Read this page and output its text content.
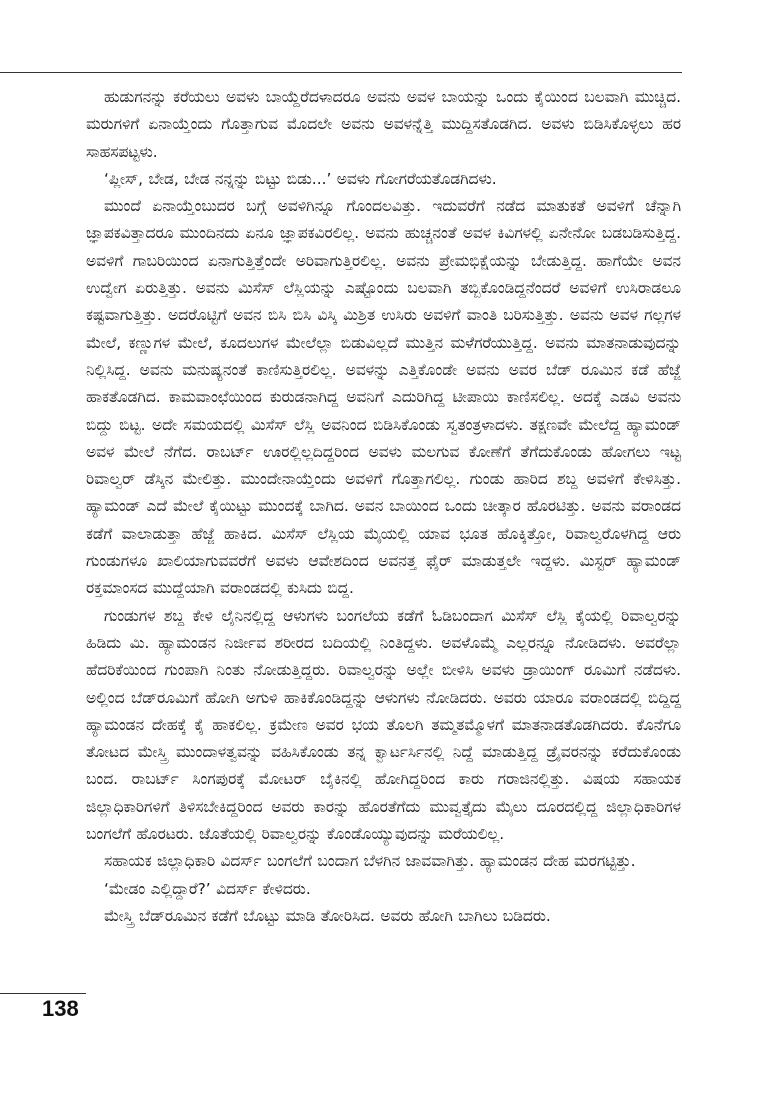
ಹುಡುಗನನ್ನು ಕರೆಯಲು ಅವಳು ಬಾಯ್ದೆರೆದಳಾದರೂ ಅವನು ಅವಳ ಬಾಯನ್ನು ಒಂದು ಕೈಯಿಂದ ಬಲವಾಗಿ ಮುಚ್ಚಿದ. ಮರುಗಳಿಗೆ ಏನಾಯ್ತೆಂದು ಗೊತ್ತಾಗುವ ಮೊದಲೇ ಅವನು ಅವಳನ್ನೆತ್ತಿ ಮುದ್ದಿಸತೊಡಗಿದ. ಅವಳು ಬಿಡಿಸಿಕೊಳ್ಳಲು ಹರ ಸಾಹಸಪಟ್ಟಳು.

‘ಪ್ಲೀಸ್, ಬೇಡ, ಬೇಡ ನನ್ನನ್ನು ಬಿಟ್ಟು ಬಿಡು...’ ಅವಳು ಗೋಗರೆಯತೊಡಗಿದಳು.

ಮುಂದೆ ಏನಾಯ್ತೆಂಬುದರ ಬಗ್ಗೆ ಅವಳಿಗಿನ್ನೂ ಗೊಂದಲವಿತ್ತು. ಇದುವರೆಗೆ ನಡೆದ ಮಾತುಕತೆ ಅವಳಿಗೆ ಚೆನ್ನಾಗಿ ಜ್ಞಾಪಕವಿತ್ತಾದರೂ ಮುಂದಿನದು ಏನೂ ಜ್ಞಾಪಕವಿರಲಿಲ್ಲ. ಅವನು ಹುಚ್ಚನಂತೆ ಅವಳ ಕಿವಿಗಳಲ್ಲಿ ಏನೇನೋ ಬಡಬಡಿಸುತ್ತಿದ್ದ. ಅವಳಿಗೆ ಗಾಬರಿಯಿಂದ ಏನಾಗುತ್ತಿತ್ತೆಂದೇ ಅರಿವಾಗುತ್ತಿರಲಿಲ್ಲ. ಅವನು ಪ್ರೇಮಭಿಕ್ಷೆಯನ್ನು ಬೇಡುತ್ತಿದ್ದ. ಹಾಗೆಯೇ ಅವನ ಉದ್ವೇಗ ಏರುತ್ತಿತ್ತು. ಅವನು ಮಿಸೆಸ್ ಲೆಸ್ಲಿಯನ್ನು ಎಷ್ಟೊಂದು ಬಲವಾಗಿ ತಬ್ಬಿಕೊಂಡಿದ್ದನೆಂದರೆ ಅವಳಿಗೆ ಉಸಿರಾಡಲೂ ಕಷ್ಟವಾಗುತ್ತಿತ್ತು. ಅದರೊಟ್ಟಿಗೆ ಅವನ ಬಿಸಿ ಬಿಸಿ ವಿಸ್ಕಿ ಮಿಶ್ರಿತ ಉಸಿರು ಅವಳಿಗೆ ವಾಂತಿ ಬರಿಸುತ್ತಿತ್ತು. ಅವನು ಅವಳ ಗಲ್ಲಗಳ ಮೇಲೆ, ಕಣ್ಣುಗಳ ಮೇಲೆ, ಕೂದಲುಗಳ ಮೇಲೆಲ್ಲಾ ಬಿಡುವಿಲ್ಲದೆ ಮುತ್ತಿನ ಮಳೆಗರೆಯುತ್ತಿದ್ದ. ಅವನು ಮಾತನಾಡುವುದನ್ನು ನಿಲ್ಲಿಸಿದ್ದ. ಅವನು ಮನುಷ್ಯನಂತೆ ಕಾಣಿಸುತ್ತಿರಲಿಲ್ಲ. ಅವಳನ್ನು ಎತ್ತಿಕೊಂಡೇ ಅವನು ಅವರ ಬೆಡ್ ರೂಮಿನ ಕಡೆ ಹೆಜ್ಜೆ ಹಾಕತೊಡಗಿದ. ಕಾಮವಾಂಛೆಯಿಂದ ಕುರುಡನಾಗಿದ್ದ ಅವನಿಗೆ ಎದುರಿಗಿದ್ದ ಟೀಪಾಯಿ ಕಾಣಿಸಲಿಲ್ಲ. ಅದಕ್ಕೆ ಎಡವಿ ಅವನು ಬಿದ್ದು ಬಿಟ್ಟ. ಅದೇ ಸಮಯದಲ್ಲಿ ಮಿಸೆಸ್ ಲೆಸ್ಲಿ ಅವನಿಂದ ಬಿಡಿಸಿಕೊಂಡು ಸ್ವತಂತ್ರಳಾದಳು. ತಕ್ಷಣವೇ ಮೇಲೆದ್ದ ಹ್ಯಾಮಂಡ್ ಅವಳ ಮೇಲೆ ನೆಗೆದ. ರಾಬರ್ಟ್ ಊರಲ್ಲಿಲ್ಲದಿದ್ದರಿಂದ ಅವಳು ಮಲಗುವ ಕೋಣೆಗೆ ತೆಗೆದುಕೊಂಡು ಹೋಗಲು ಇಟ್ಟ ರಿವಾಲ್ವರ್ ಡೆಸ್ಕಿನ ಮೇಲಿತ್ತು. ಮುಂದೇನಾಯ್ತೆಂದು ಅವಳಿಗೆ ಗೊತ್ತಾಗಲಿಲ್ಲ. ಗುಂಡು ಹಾರಿದ ಶಬ್ದ ಅವಳಿಗೆ ಕೇಳಿಸಿತ್ತು. ಹ್ಯಾಮಂಡ್ ಎದೆ ಮೇಲೆ ಕೈಯಿಟ್ಟು ಮುಂದಕ್ಕೆ ಬಾಗಿದ. ಅವನ ಬಾಯಿಂದ ಒಂದು ಚೀತ್ಕಾರ ಹೊರಟಿತ್ತು. ಅವನು ವರಾಂಡದ ಕಡೆಗೆ ವಾಲಾಡುತ್ತಾ ಹೆಜ್ಜೆ ಹಾಕಿದ. ಮಿಸೆಸ್ ಲೆಸ್ಲಿಯ ಮೈಯಲ್ಲಿ ಯಾವ ಭೂತ ಹೊಕ್ಕಿತ್ತೋ, ರಿವಾಲ್ವರೊಳಗಿದ್ದ ಆರು ಗುಂಡುಗಳೂ ಖಾಲಿಯಾಗುವವರೆಗೆ ಅವಳು ಆವೇಶದಿಂದ ಅವನತ್ತ ಫೈರ್ ಮಾಡುತ್ತಲೇ ಇದ್ದಳು. ಮಿಸ್ಟರ್ ಹ್ಯಾಮಂಡ್ ರಕ್ತಮಾಂಸದ ಮುದ್ದೆಯಾಗಿ ವರಾಂಡದಲ್ಲಿ ಕುಸಿದು ಬಿದ್ದ.

ಗುಂಡುಗಳ ಶಬ್ದ ಕೇಳಿ ಲೈನಿನಲ್ಲಿದ್ದ ಆಳುಗಳು ಬಂಗಲೆಯ ಕಡೆಗೆ ಓಡಿಬಂದಾಗ ಮಿಸೆಸ್ ಲೆಸ್ಲಿ ಕೈಯಲ್ಲಿ ರಿವಾಲ್ವರನ್ನು ಹಿಡಿದು ಮಿ. ಹ್ಯಾಮಂಡನ ನಿರ್ಜೀವ ಶರೀರದ ಬದಿಯಲ್ಲಿ ನಿಂತಿದ್ದಳು. ಅವಳೊಮ್ಮೆ ಎಲ್ಲರನ್ನೂ ನೋಡಿದಳು. ಅವರೆಲ್ಲಾ ಹೆದರಿಕೆಯಿಂದ ಗುಂಪಾಗಿ ನಿಂತು ನೋಡುತ್ತಿದ್ದರು. ರಿವಾಲ್ವರನ್ನು ಅಲ್ಲೇ ಬೀಳಿಸಿ ಅವಳು ಡ್ರಾಯಿಂಗ್ ರೂಮಿಗೆ ನಡೆದಳು. ಅಲ್ಲಿಂದ ಬೆಡ್‌ರೂಮಿಗೆ ಹೋಗಿ ಅಗುಳಿ ಹಾಕಿಕೊಂಡಿದ್ದನ್ನು ಆಳುಗಳು ನೋಡಿದರು. ಅವರು ಯಾರೂ ವರಾಂಡದಲ್ಲಿ ಬಿದ್ದಿದ್ದ ಹ್ಯಾಮಂಡನ ದೇಹಕ್ಕೆ ಕೈ ಹಾಕಲಿಲ್ಲ. ಕ್ರಮೇಣ ಅವರ ಭಯ ತೊಲಗಿ ತಮ್ಮತಮ್ಮೊಳಗೆ ಮಾತನಾಡತೊಡಗಿದರು. ಕೊನೆಗೂ ತೋಟದ ಮೇಸ್ತ್ರಿ ಮುಂದಾಳತ್ವವನ್ನು ವಹಿಸಿಕೊಂಡು ತನ್ನ ಕ್ವಾರ್ಟರ್ಸಿನಲ್ಲಿ ನಿದ್ದೆ ಮಾಡುತ್ತಿದ್ದ ಡ್ರೈವರನನ್ನು ಕರೆದುಕೊಂಡು ಬಂದ. ರಾಬರ್ಟ್ ಸಿಂಗಪುರಕ್ಕೆ ಮೋಟರ್ ಬೈಕಿನಲ್ಲಿ ಹೋಗಿದ್ದರಿಂದ ಕಾರು ಗರಾಜಿನಲ್ಲಿತ್ತು. ವಿಷಯ ಸಹಾಯಕ ಜಿಲ್ಲಾಧಿಕಾರಿಗಳಿಗೆ ತಿಳಿಸಬೇಕಿದ್ದರಿಂದ ಅವರು ಕಾರನ್ನು ಹೊರತೆಗೆದು ಮುವ್ವತ್ತೈದು ಮೈಲು ದೂರದಲ್ಲಿದ್ದ ಜಿಲ್ಲಾಧಿಕಾರಿಗಳ ಬಂಗಲೆಗೆ ಹೊರಟರು. ಜೊತೆಯಲ್ಲಿ ರಿವಾಲ್ವರನ್ನು ಕೊಂಡೊಯ್ಯುವುದನ್ನು ಮರೆಯಲಿಲ್ಲ.

ಸಹಾಯಕ ಜಿಲ್ಲಾಧಿಕಾರಿ ವಿದರ್ಸ್ ಬಂಗಲೆಗೆ ಬಂದಾಗ ಬೆಳಗಿನ ಜಾವವಾಗಿತ್ತು. ಹ್ಯಾಮಂಡನ ದೇಹ ಮರಗಟ್ಟಿತ್ತು.

‘ಮೇಡಂ ಎಲ್ಲಿದ್ದಾರೆ?’ ವಿದರ್ಸ್ ಕೇಳಿದರು.

ಮೇಸ್ತ್ರಿ ಬೆಡ್‌ರೂಮಿನ ಕಡೆಗೆ ಬೊಟ್ಟು ಮಾಡಿ ತೋರಿಸಿದ. ಅವರು ಹೋಗಿ ಬಾಗಿಲು ಬಡಿದರು.

138
